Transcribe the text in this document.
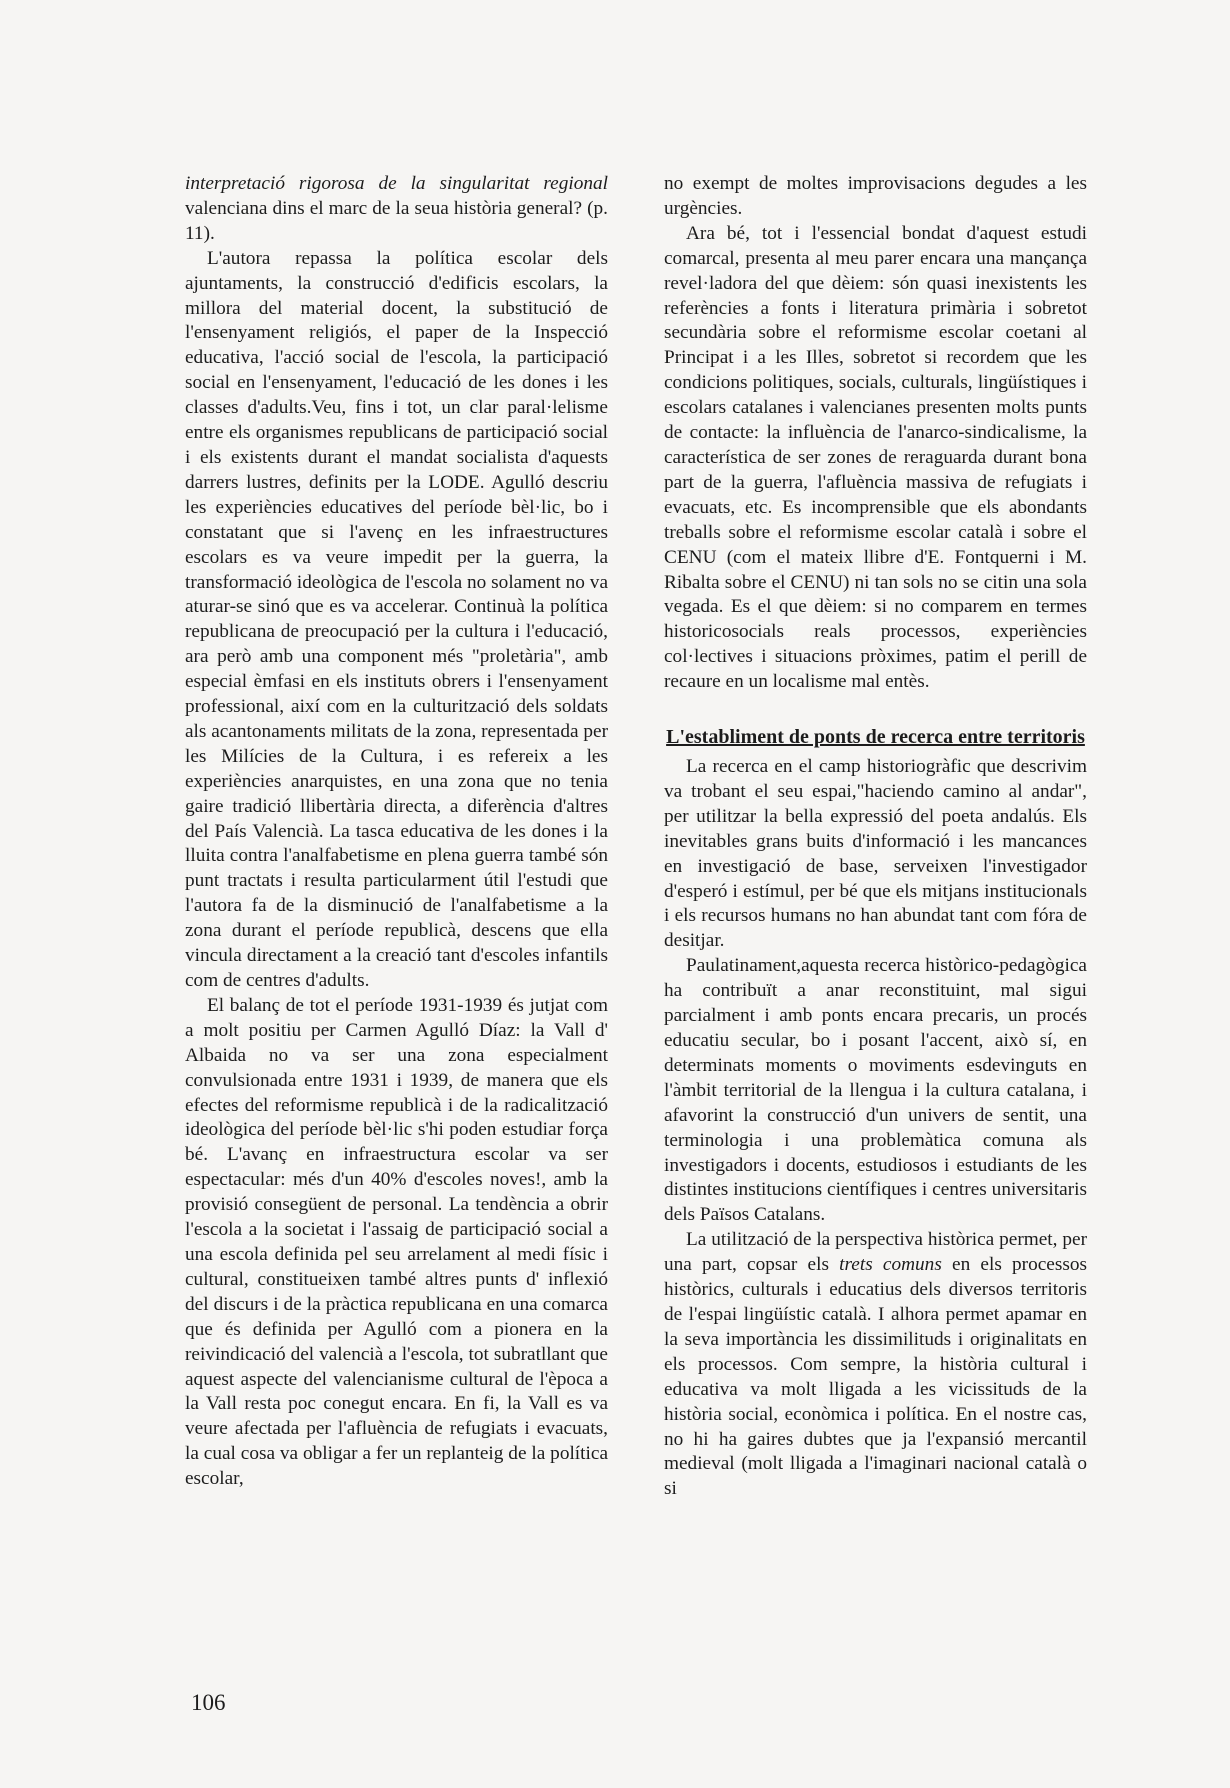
interpretació rigorosa de la singularitat regional valenciana dins el marc de la seua història general? (p. 11).

L'autora repassa la política escolar dels ajuntaments, la construcció d'edificis escolars, la millora del material docent, la substitució de l'ensenyament religiós, el paper de la Inspecció educativa, l'acció social de l'escola, la participació social en l'ensenyament, l'educació de les dones i les classes d'adults.Veu, fins i tot, un clar paral·lelisme entre els organismes republicans de participació social i els existents durant el mandat socialista d'aquests darrers lustres, definits per la LODE. Agulló descriu les experiències educatives del període bèl·lic, bo i constatant que si l'avenç en les infraestructures escolars es va veure impedit per la guerra, la transformació ideològica de l'escola no solament no va aturar-se sinó que es va accelerar. Continuà la política republicana de preocupació per la cultura i l'educació, ara però amb una component més "proletària", amb especial èmfasi en els instituts obrers i l'ensenyament professional, així com en la culturització dels soldats als acantonaments militats de la zona, representada per les Milícies de la Cultura, i es refereix a les experiències anarquistes, en una zona que no tenia gaire tradició llibertària directa, a diferència d'altres del País Valencià. La tasca educativa de les dones i la lluita contra l'analfabetisme en plena guerra també són punt tractats i resulta particularment útil l'estudi que l'autora fa de la disminució de l'analfabetisme a la zona durant el període republicà, descens que ella vincula directament a la creació tant d'escoles infantils com de centres d'adults.

El balanç de tot el període 1931-1939 és jutjat com a molt positiu per Carmen Agulló Díaz: la Vall d' Albaida no va ser una zona especialment convulsionada entre 1931 i 1939, de manera que els efectes del reformisme republicà i de la radicalització ideològica del període bèl·lic s'hi poden estudiar força bé. L'avanç en infraestructura escolar va ser espectacular: més d'un 40% d'escoles noves!, amb la provisió consegüent de personal. La tendència a obrir l'escola a la societat i l'assaig de participació social a una escola definida pel seu arrelament al medi físic i cultural, constitueixen també altres punts d' inflexió del discurs i de la pràctica republicana en una comarca que és definida per Agulló com a pionera en la reivindicació del valencià a l'escola, tot subratllant que aquest aspecte del valencianisme cultural de l'època a la Vall resta poc conegut encara. En fi, la Vall es va veure afectada per l'afluència de refugiats i evacuats, la cual cosa va obligar a fer un replanteig de la política escolar,

no exempt de moltes improvisacions degudes a les urgències.

Ara bé, tot i l'essencial bondat d'aquest estudi comarcal, presenta al meu parer encara una mançança revel·ladora del que dèiem: són quasi inexistents les referències a fonts i literatura primària i sobretot secundària sobre el reformisme escolar coetani al Principat i a les Illes, sobretot si recordem que les condicions politiques, socials, culturals, lingüístiques i escolars catalanes i valencianes presenten molts punts de contacte: la influència de l'anarco-sindicalisme, la característica de ser zones de reraguarda durant bona part de la guerra, l'afluència massiva de refugiats i evacuats, etc. Es incomprensible que els abondants treballs sobre el reformisme escolar català i sobre el CENU (com el mateix llibre d'E. Fontquerni i M. Ribalta sobre el CENU) ni tan sols no se citin una sola vegada. Es el que dèiem: si no comparem en termes historicosocials reals processos, experiències col·lectives i situacions pròximes, patim el perill de recaure en un localisme mal entès.

L'establiment de ponts de recerca entre territoris

La recerca en el camp historiogràfic que descrivim va trobant el seu espai,"haciendo camino al andar", per utilitzar la bella expressió del poeta andalús. Els inevitables grans buits d'informació i les mancances en investigació de base, serveixen l'investigador d'esperó i estímul, per bé que els mitjans institucionals i els recursos humans no han abundat tant com fóra de desitjar.

Paulatinament,aquesta recerca històrico-pedagògica ha contribuït a anar reconstituint, mal sigui parcialment i amb ponts encara precaris, un procés educatiu secular, bo i posant l'accent, això sí, en determinats moments o moviments esdevinguts en l'àmbit territorial de la llengua i la cultura catalana, i afavorint la construcció d'un univers de sentit, una terminologia i una problemàtica comuna als investigadors i docents, estudiosos i estudiants de les distintes institucions científiques i centres universitaris dels Països Catalans.

La utilització de la perspectiva històrica permet, per una part, copsar els trets comuns en els processos històrics, culturals i educatius dels diversos territoris de l'espai lingüístic català. I alhora permet apamar en la seva importància les dissimilituds i originalitats en els processos. Com sempre, la història cultural i educativa va molt lligada a les vicissituds de la història social, econòmica i política. En el nostre cas, no hi ha gaires dubtes que ja l'expansió mercantil medieval (molt lligada a l'imaginari nacional català o si

106
